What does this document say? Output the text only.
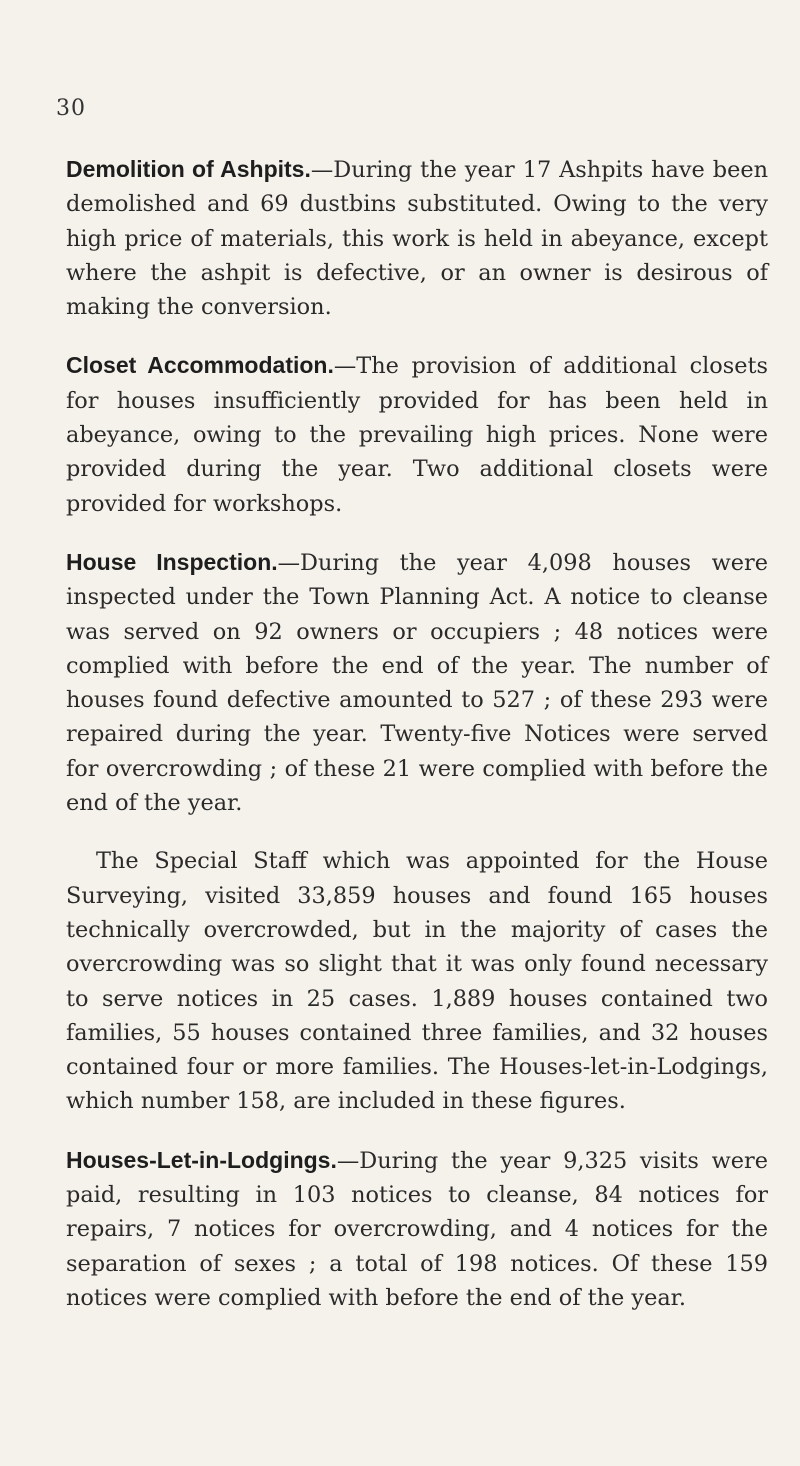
30

Demolition of Ashpits.—During the year 17 Ashpits have been demolished and 69 dustbins substituted. Owing to the very high price of materials, this work is held in abeyance, except where the ashpit is defective, or an owner is desirous of making the conversion.

Closet Accommodation.—The provision of additional closets for houses insufficiently provided for has been held in abeyance, owing to the prevailing high prices. None were provided during the year. Two additional closets were provided for workshops.

House Inspection.—During the year 4,098 houses were inspected under the Town Planning Act. A notice to cleanse was served on 92 owners or occupiers ; 48 notices were complied with before the end of the year. The number of houses found defective amounted to 527 ; of these 293 were repaired during the year. Twenty-five Notices were served for overcrowding ; of these 21 were complied with before the end of the year.

The Special Staff which was appointed for the House Surveying, visited 33,859 houses and found 165 houses technically overcrowded, but in the majority of cases the overcrowding was so slight that it was only found necessary to serve notices in 25 cases. 1,889 houses contained two families, 55 houses contained three families, and 32 houses contained four or more families. The Houses-let-in-Lodgings, which number 158, are included in these figures.

Houses-Let-in-Lodgings.—During the year 9,325 visits were paid, resulting in 103 notices to cleanse, 84 notices for repairs, 7 notices for overcrowding, and 4 notices for the separation of sexes ; a total of 198 notices. Of these 159 notices were complied with before the end of the year.
